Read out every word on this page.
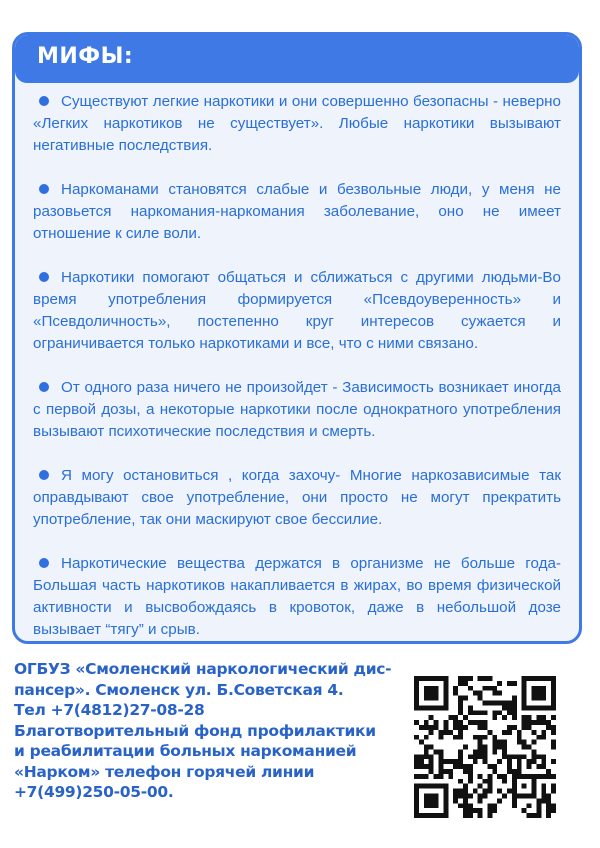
МИФЫ:
Существуют легкие наркотики и они совершенно безопасны - неверно «Легких наркотиков не существует». Любые наркотики вызывают негативные последствия.
Наркоманами становятся слабые и безвольные люди, у меня не разовьется наркомания-наркомания заболевание, оно не имеет отношение к силе воли.
Наркотики помогают общаться и сближаться с другими людьми-Во время употребления формируется «Псевдоуверенность» и «Псевдоличность», постепенно круг интересов сужается и ограничивается только наркотиками и все, что с ними связано.
От одного раза ничего не произойдет - Зависимость возникает иногда с первой дозы, а некоторые наркотики после однократного употребления вызывают психотические последствия и смерть.
Я могу остановиться , когда захочу- Многие наркозависимые так оправдывают свое употребление, они просто не могут прекратить употребление, так они маскируют свое бессилие.
Наркотические вещества держатся в организме не больше года- Большая часть наркотиков накапливается в жирах, во время физической активности и высвобождаясь в кровоток, даже в небольшой дозе вызывает “тягу” и срыв.
ОГБУЗ «Смоленский наркологический дис-
пансер». Смоленск ул. Б.Советская 4.
Тел +7(4812)27-08-28
Благотворительный фонд профилактики
и реабилитации больных наркоманией
«Нарком» телефон горячей линии
+7(499)250-05-00.
